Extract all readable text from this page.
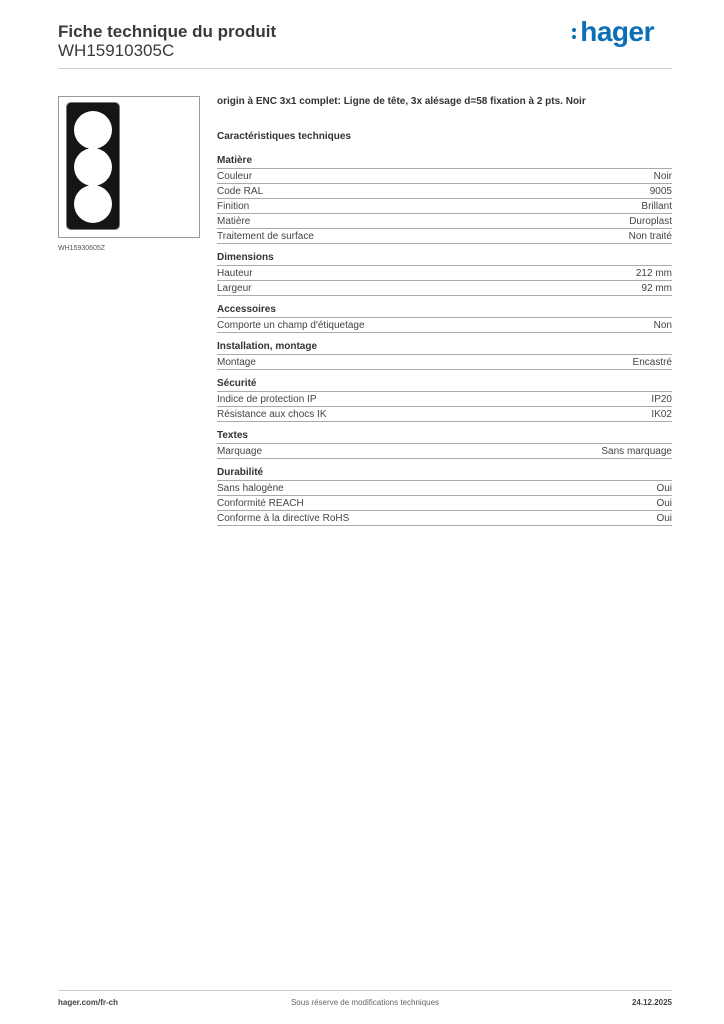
Fiche technique du produit
WH15910305C
hager
WH15930605Z

origin à ENC 3x1 complet: Ligne de tête, 3x alésage d=58 fixation à 2 pts. Noir

Caractéristiques techniques

Matière
Couleur	Noir
Code RAL	9005
Finition	Brillant
Matière	Duroplast
Traitement de surface	Non traité
Dimensions
Hauteur	212 mm
Largeur	92 mm
Accessoires
Comporte un champ d'étiquetage	Non
Installation, montage
Montage	Encastré
Sécurité
Indice de protection IP	IP20
Résistance aux chocs IK	IK02
Textes
Marquage	Sans marquage
Durabilité
Sans halogène	Oui
Conformité REACH	Oui
Conforme à la directive RoHS	Oui
hager.com/fr-ch	Sous réserve de modifications techniques	24.12.2025
